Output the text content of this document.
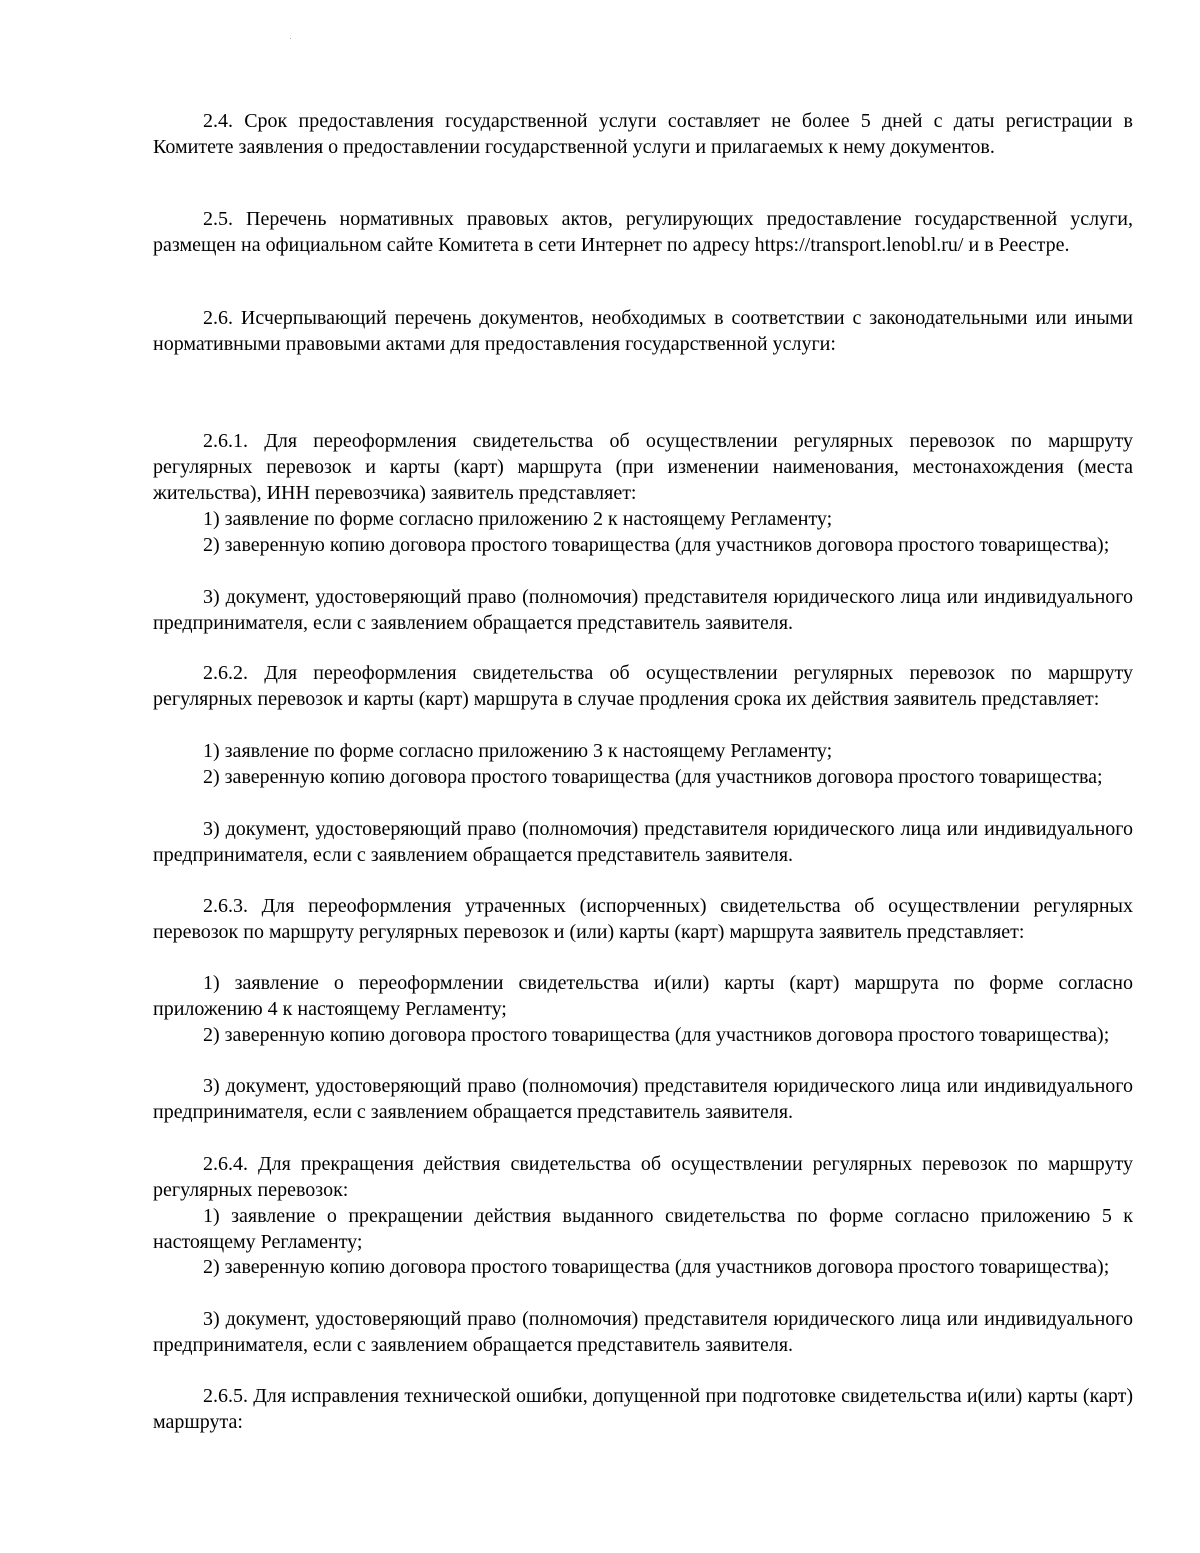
2.4. Срок предоставления государственной услуги составляет не более 5 дней с даты регистрации в Комитете заявления о предоставлении государственной услуги и прилагаемых к нему документов.

2.5. Перечень нормативных правовых актов, регулирующих предоставление государственной услуги, размещен на официальном сайте Комитета в сети Интернет по адресу https://transport.lenobl.ru/ и в Реестре.

2.6. Исчерпывающий перечень документов, необходимых в соответствии с законодательными или иными нормативными правовыми актами для предоставления государственной услуги:

2.6.1. Для переоформления свидетельства об осуществлении регулярных перевозок по маршруту регулярных перевозок и карты (карт) маршрута (при изменении наименования, местонахождения (места жительства), ИНН перевозчика) заявитель представляет:

1) заявление по форме согласно приложению 2 к настоящему Регламенту;

2) заверенную копию договора простого товарищества (для участников договора простого товарищества);

3) документ, удостоверяющий право (полномочия) представителя юридического лица или индивидуального предпринимателя, если с заявлением обращается представитель заявителя.

2.6.2. Для переоформления свидетельства об осуществлении регулярных перевозок по маршруту регулярных перевозок и карты (карт) маршрута в случае продления срока их действия заявитель представляет:

1) заявление по форме согласно приложению 3 к настоящему Регламенту;

2) заверенную копию договора простого товарищества (для участников договора простого товарищества;

3) документ, удостоверяющий право (полномочия) представителя юридического лица или индивидуального предпринимателя, если с заявлением обращается представитель заявителя.

2.6.3. Для переоформления утраченных (испорченных) свидетельства об осуществлении регулярных перевозок по маршруту регулярных перевозок и (или) карты (карт) маршрута заявитель представляет:

1) заявление о переоформлении свидетельства и(или) карты (карт) маршрута по форме согласно приложению 4 к настоящему Регламенту;

2) заверенную копию договора простого товарищества (для участников договора простого товарищества);

3) документ, удостоверяющий право (полномочия) представителя юридического лица или индивидуального предпринимателя, если с заявлением обращается представитель заявителя.

2.6.4. Для прекращения действия свидетельства об осуществлении регулярных перевозок по маршруту регулярных перевозок:

1) заявление о прекращении действия выданного свидетельства по форме согласно приложению 5 к настоящему Регламенту;

2) заверенную копию договора простого товарищества (для участников договора простого товарищества);

3) документ, удостоверяющий право (полномочия) представителя юридического лица или индивидуального предпринимателя, если с заявлением обращается представитель заявителя.

2.6.5. Для исправления технической ошибки, допущенной при подготовке свидетельства и(или) карты (карт) маршрута:
